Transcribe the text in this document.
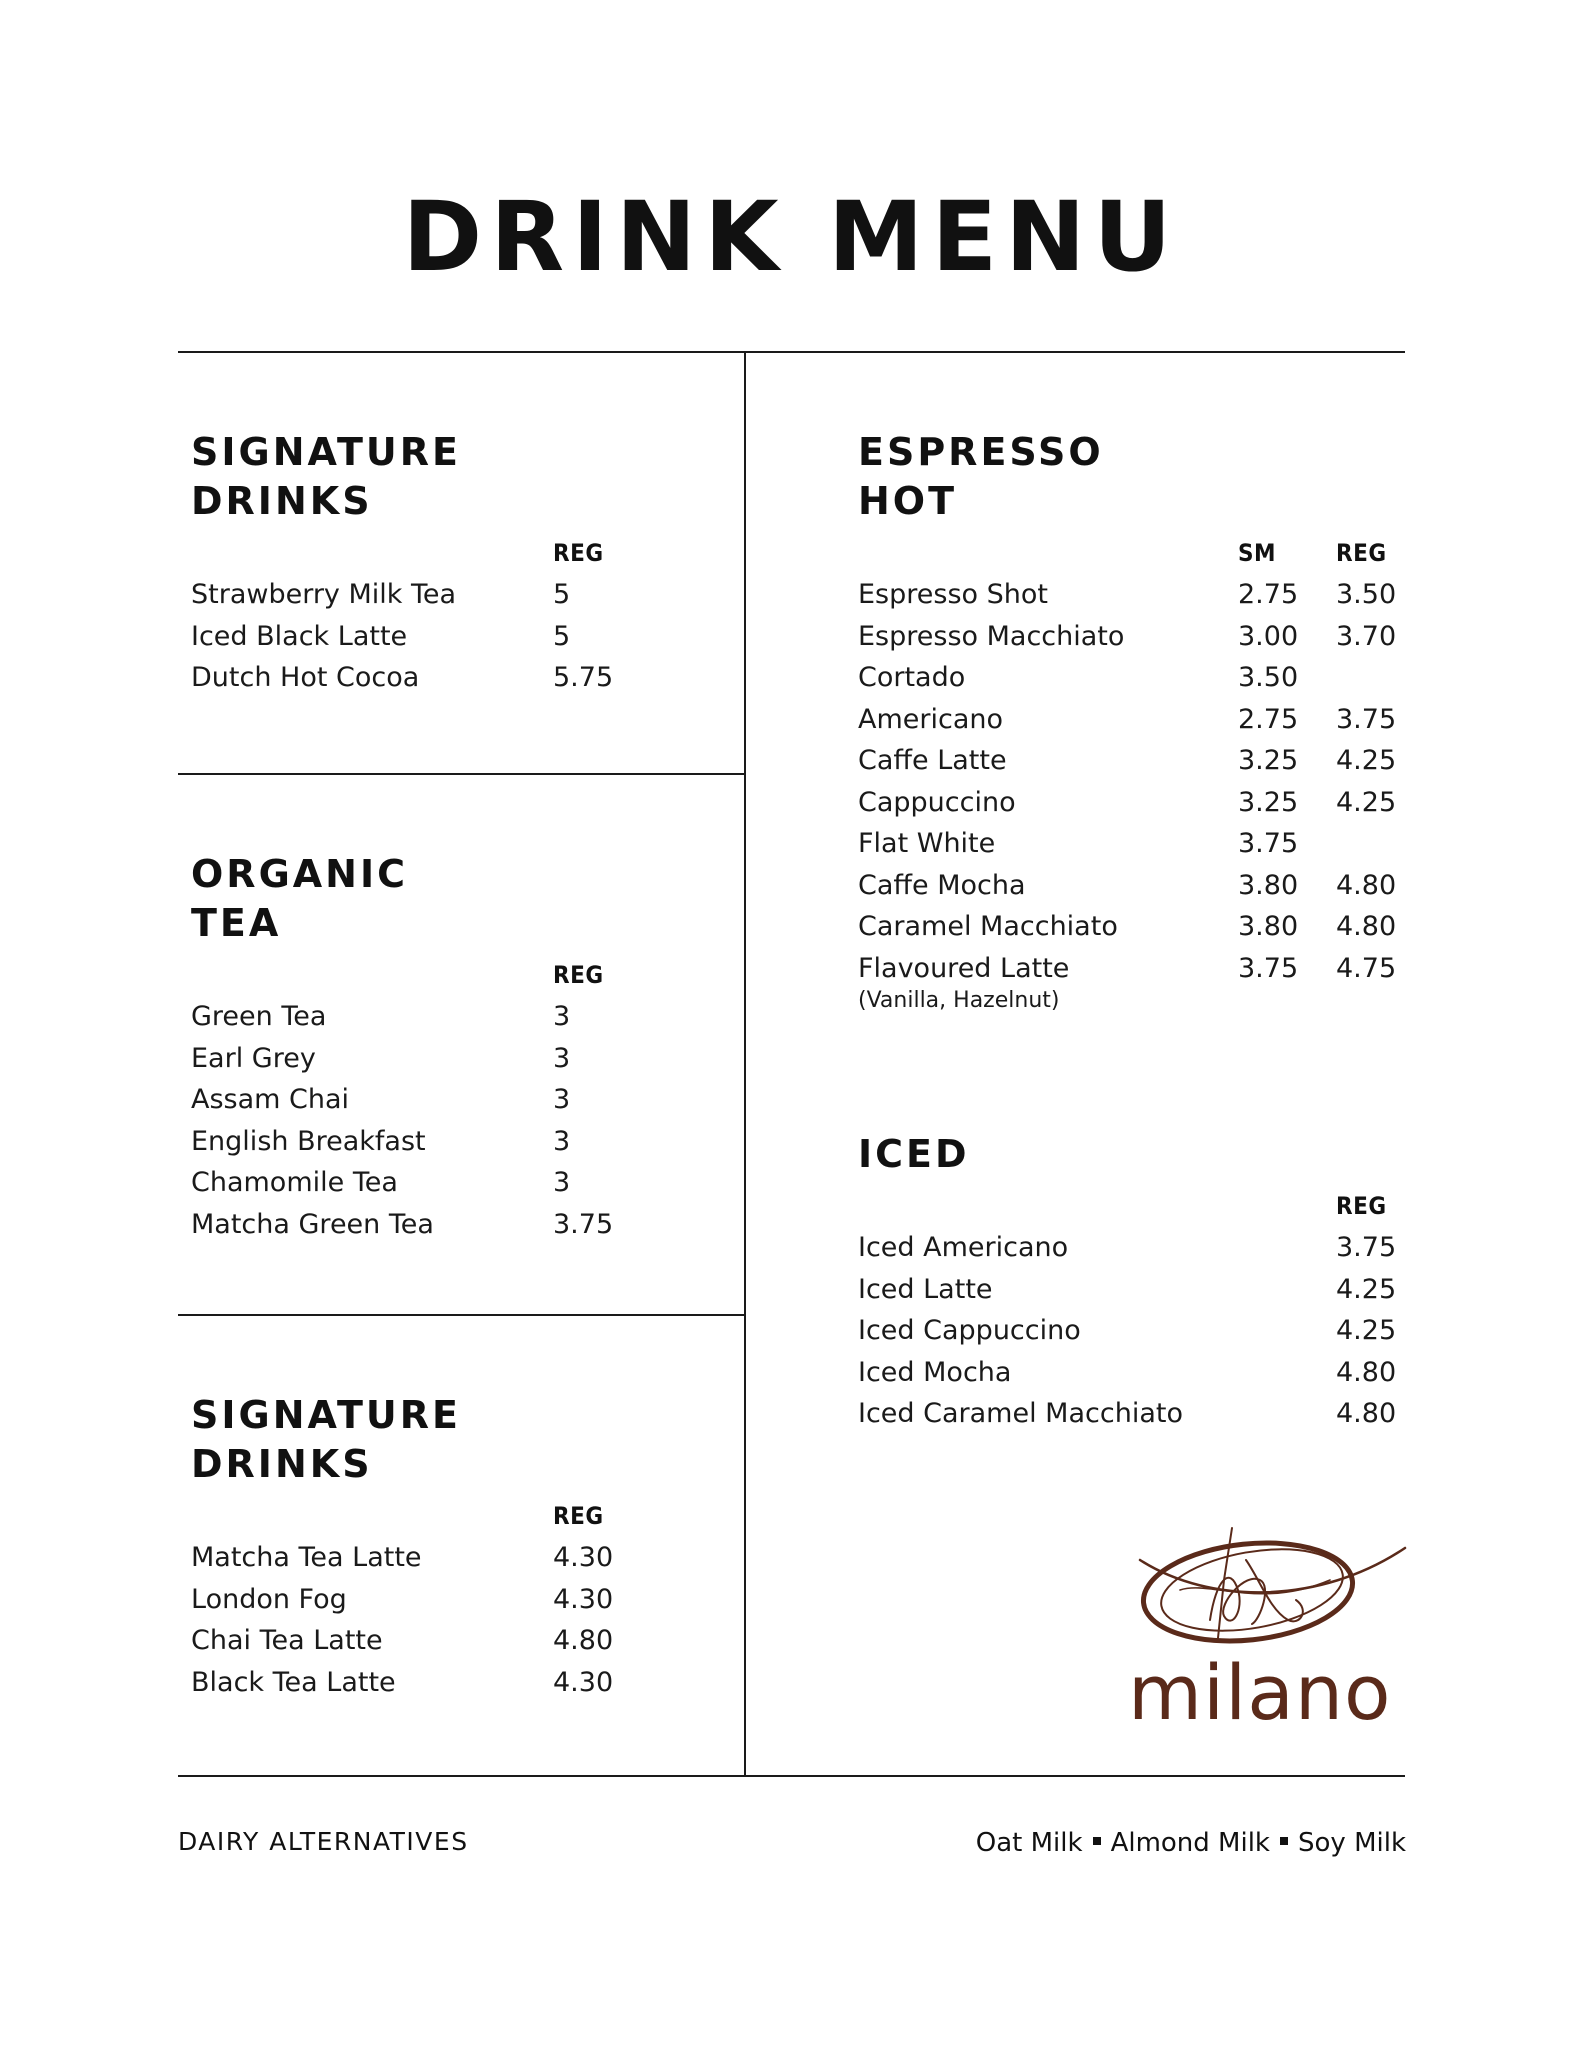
DRINK MENU
SIGNATURE
DRINKS
REG
Strawberry Milk Tea	5
Iced Black Latte	5
Dutch Hot Cocoa	5.75
ORGANIC
TEA
REG
Green Tea	3
Earl Grey	3
Assam Chai	3
English Breakfast	3
Chamomile Tea	3
Matcha Green Tea	3.75
SIGNATURE
DRINKS
REG
Matcha Tea Latte	4.30
London Fog	4.30
Chai Tea Latte	4.80
Black Tea Latte	4.30
ESPRESSO
HOT
SM REG
Espresso Shot	2.75 3.50
Espresso Macchiato	3.00 3.70
Cortado	3.50
Americano	2.75 3.75
Caffe Latte	3.25 4.25
Cappuccino	3.25 4.25
Flat White	3.75
Caffe Mocha	3.80 4.80
Caramel Macchiato	3.80 4.80
Flavoured Latte	3.75 4.75
(Vanilla, Hazelnut)
ICED
REG
Iced Americano	3.75
Iced Latte	4.25
Iced Cappuccino	4.25
Iced Mocha	4.80
Iced Caramel Macchiato	4.80
milano
DAIRY ALTERNATIVES	Oat Milk Almond Milk Soy Milk
